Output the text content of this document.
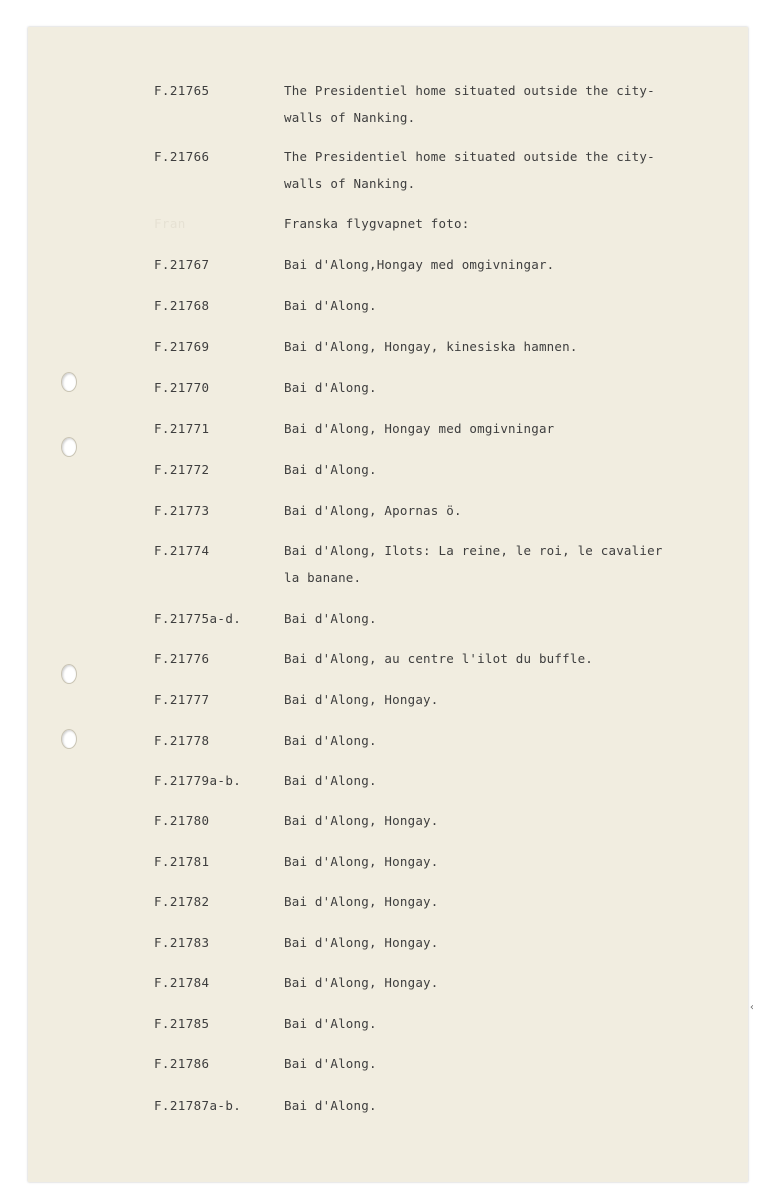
‹
F.21765	The Presidentiel home situated outside the city-
walls of Nanking.
F.21766	The Presidentiel home situated outside the city-
walls of Nanking.
Fran	Franska flygvapnet foto:
F.21767	Bai d'Along,Hongay med omgivningar.
F.21768	Bai d'Along.
F.21769	Bai d'Along, Hongay, kinesiska hamnen.
F.21770	Bai d'Along.
F.21771	Bai d'Along, Hongay med omgivningar
F.21772	Bai d'Along.
F.21773	Bai d'Along, Apornas ö.
F.21774	Bai d'Along, Ilots: La reine, le roi, le cavalier
la banane.
F.21775a-d.	Bai d'Along.
F.21776	Bai d'Along, au centre l'ilot du buffle.
F.21777	Bai d'Along, Hongay.
F.21778	Bai d'Along.
F.21779a-b.	Bai d'Along.
F.21780	Bai d'Along, Hongay.
F.21781	Bai d'Along, Hongay.
F.21782	Bai d'Along, Hongay.
F.21783	Bai d'Along, Hongay.
F.21784	Bai d'Along, Hongay.
F.21785	Bai d'Along.
F.21786	Bai d'Along.
F.21787a-b.	Bai d'Along.
